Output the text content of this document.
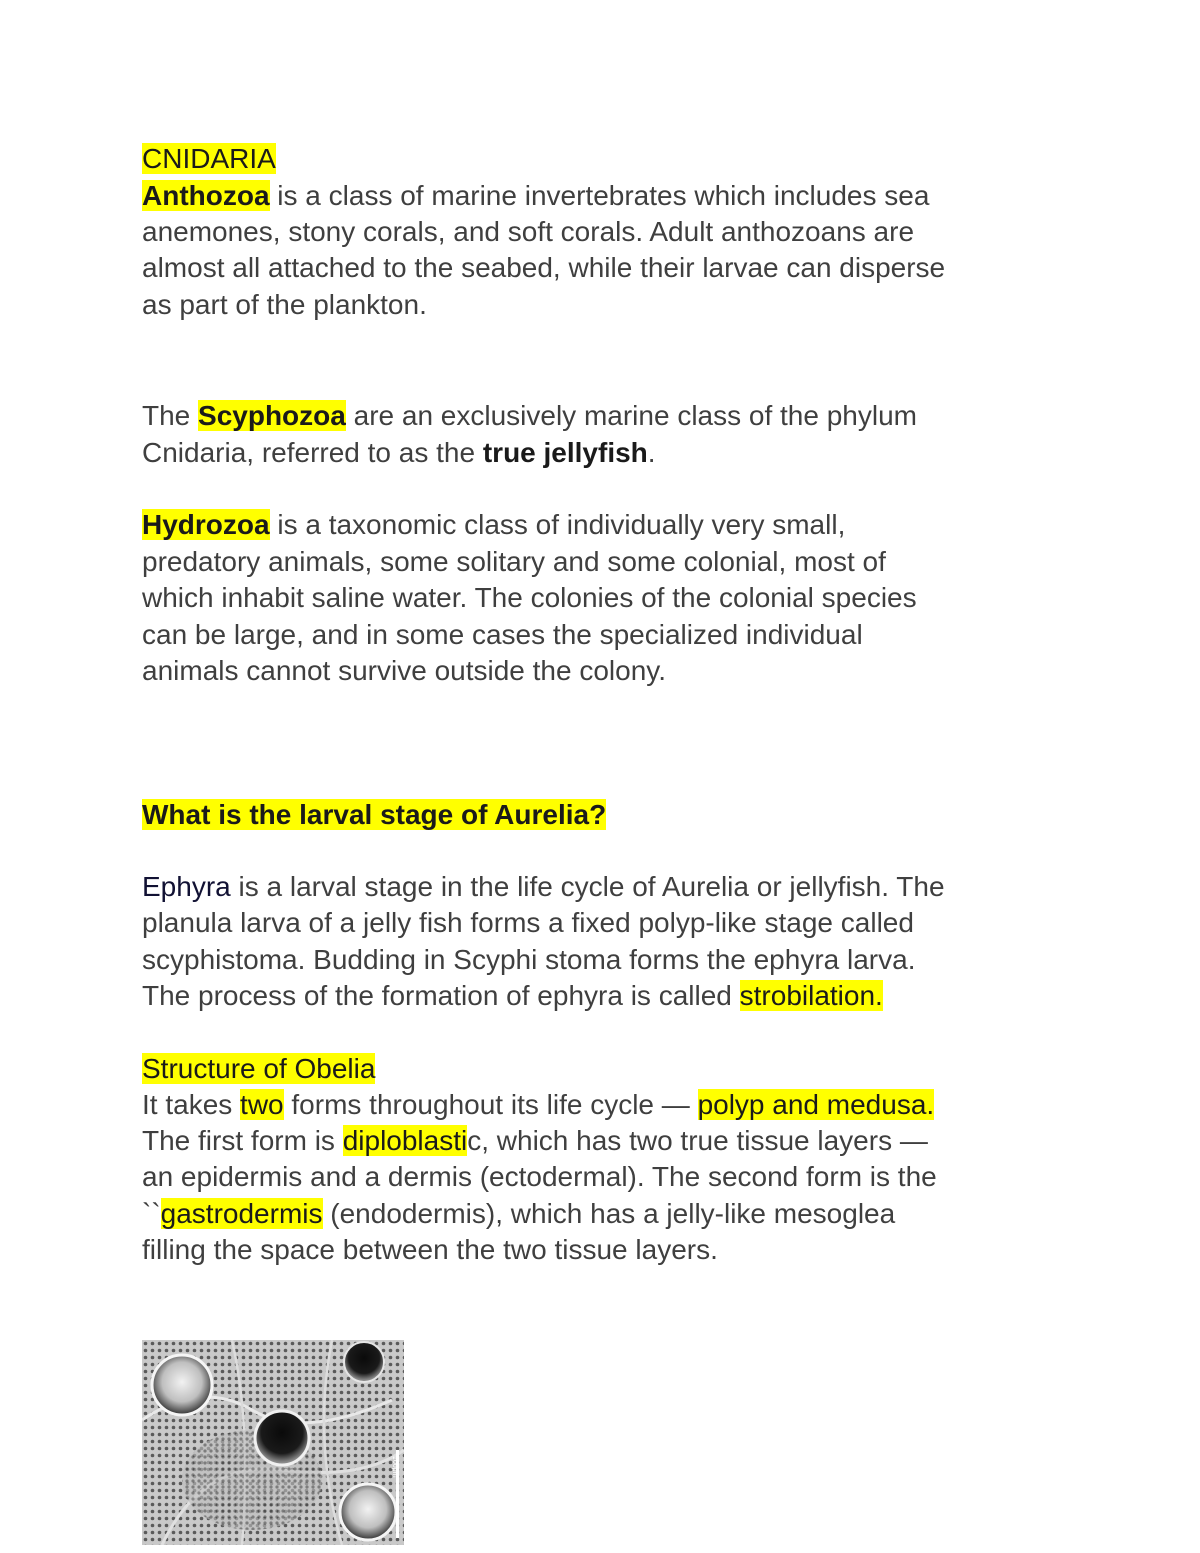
CNIDARIA

Anthozoa is a class of marine invertebrates which includes sea

anemones, stony corals, and soft corals. Adult anthozoans are

almost all attached to the seabed, while their larvae can disperse

as part of the plankton.

The Scyphozoa are an exclusively marine class of the phylum

Cnidaria, referred to as the true jellyfish.

Hydrozoa is a taxonomic class of individually very small,

predatory animals, some solitary and some colonial, most of

which inhabit saline water. The colonies of the colonial species

can be large, and in some cases the specialized individual

animals cannot survive outside the colony.

What is the larval stage of Aurelia?

Ephyra is a larval stage in the life cycle of Aurelia or jellyfish. The

planula larva of a jelly fish forms a fixed polyp-like stage called

scyphistoma. Budding in Scyphi stoma forms the ephyra larva.

The process of the formation of ephyra is called strobilation.

Structure of Obelia

It takes two forms throughout its life cycle — polyp and medusa.

The first form is diploblastic, which has two true tissue layers —

an epidermis and a dermis (ectodermal). The second form is the

``gastrodermis (endodermis), which has a jelly-like mesoglea

filling the space between the two tissue layers.

100μm
